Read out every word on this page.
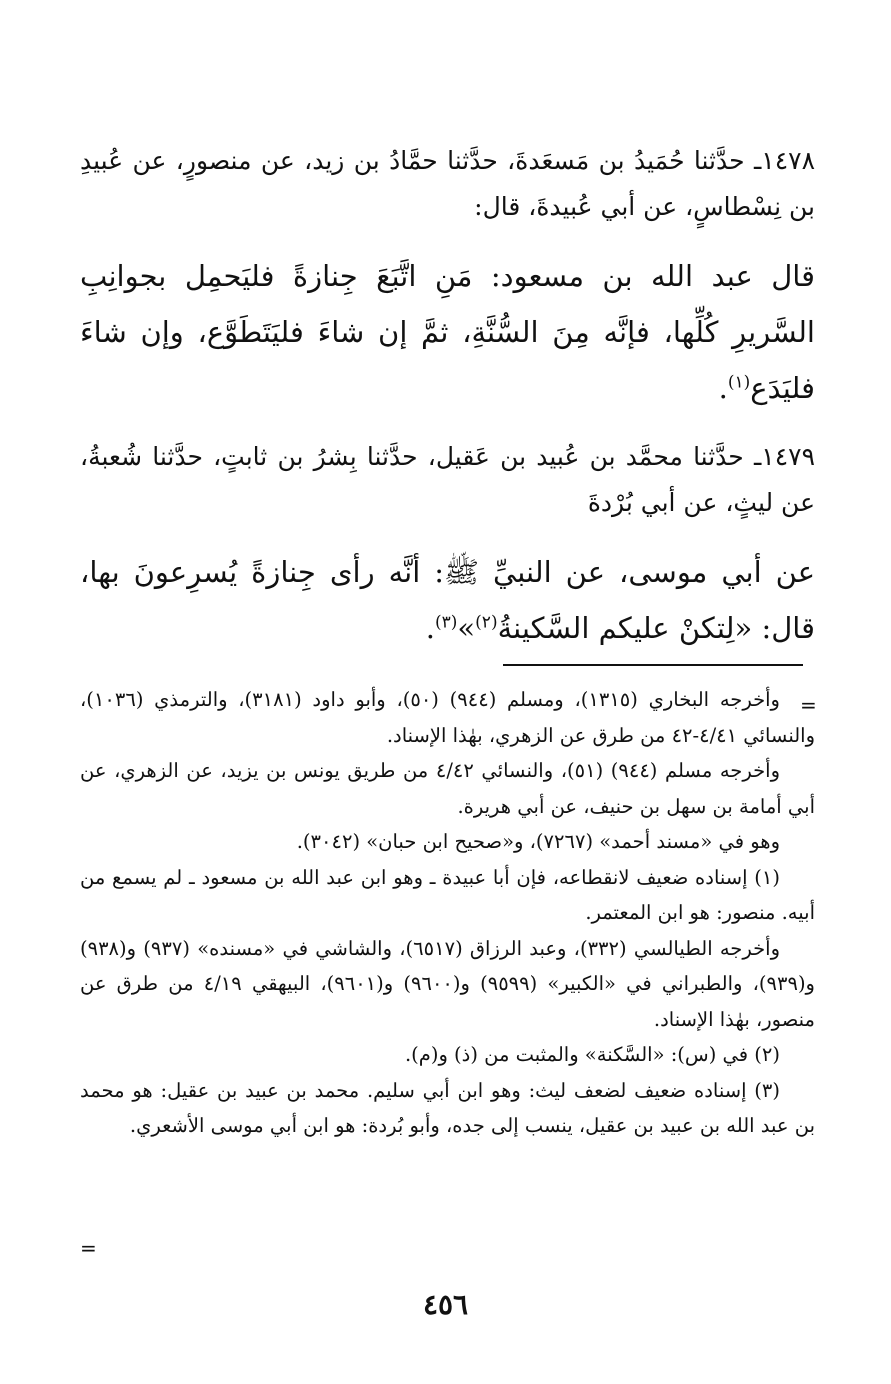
١٤٧٨ـ حدَّثنا حُمَيدُ بن مَسعَدةَ، حدَّثنا حمَّادُ بن زيد، عن منصورٍ، عن عُبيدِ بن نِسْطاسٍ، عن أبي عُبيدةَ، قال:
قال عبد الله بن مسعود: مَنِ اتَّبَعَ جِنازةً فليَحمِل بجوانِبِ السَّريرِ كُلِّها، فإنَّه مِنَ السُّنَّةِ، ثمَّ إن شاءَ فليَتَطَوَّع، وإن شاءَ فليَدَع$^{(١)}$.
١٤٧٩ـ حدَّثنا محمَّد بن عُبيد بن عَقيل، حدَّثنا بِشرُ بن ثابتٍ، حدَّثنا شُعبةُ، عن ليثٍ، عن أبي بُرْدةَ
عن أبي موسى، عن النبيِّ ﷺ: أنَّه رأى جِنازةً يُسرِعونَ بها، قال: «لِتكنْ عليكم السَّكينةُ$^{(٢)}$»$^{(٣)}$.
=

وأخرجه البخاري (١٣١٥)، ومسلم (٩٤٤) (٥٠)، وأبو داود (٣١٨١)، والترمذي (١٠٣٦)، والنسائي ٤/٤١-٤٢ من طرق عن الزهري، بهٰذا الإسناد.

وأخرجه مسلم (٩٤٤) (٥١)، والنسائي ٤/٤٢ من طريق يونس بن يزيد، عن الزهري، عن أبي أمامة بن سهل بن حنيف، عن أبي هريرة.

وهو في «مسند أحمد» (٧٢٦٧)، و«صحيح ابن حبان» (٣٠٤٢).

(١) إسناده ضعيف لانقطاعه، فإن أبا عبيدة ـ وهو ابن عبد الله بن مسعود ـ لم يسمع من أبيه. منصور: هو ابن المعتمر.

وأخرجه الطيالسي (٣٣٢)، وعبد الرزاق (٦٥١٧)، والشاشي في «مسنده» (٩٣٧) و(٩٣٨) و(٩٣٩)، والطبراني في «الكبير» (٩٥٩٩) و(٩٦٠٠) و(٩٦٠١)، البيهقي ٤/١٩ من طرق عن منصور، بهٰذا الإسناد.

(٢) في (س): «السَّكنة» والمثبت من (ذ) و(م).

(٣) إسناده ضعيف لضعف ليث: وهو ابن أبي سليم. محمد بن عبيد بن عقيل: هو محمد بن عبد الله بن عبيد بن عقيل، ينسب إلى جده، وأبو بُردة: هو ابن أبي موسى الأشعري.

=
٤٥٦
